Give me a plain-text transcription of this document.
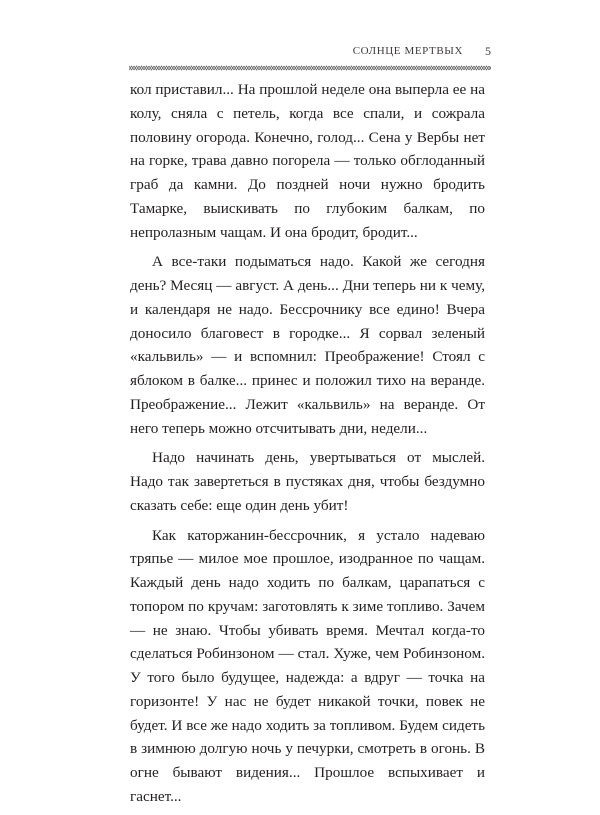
СОЛНЦЕ МЕРТВЫХ 5

кол приставил... На прошлой неделе она выперла ее на колу, сняла с петель, когда все спали, и сожрала половину огорода. Конечно, голод... Сена у Вербы нет на горке, трава давно погорела — только обглоданный граб да камни. До поздней ночи нужно бродить Тамарке, выискивать по глубоким балкам, по непролазным чащам. И она бродит, бродит...

А все-таки подыматься надо. Какой же сегодня день? Месяц — август. А день... Дни теперь ни к чему, и календаря не надо. Бессрочнику все едино! Вчера доносило благовест в городке... Я сорвал зеленый «кальвиль» — и вспомнил: Преображение! Стоял с яблоком в балке... принес и положил тихо на веранде. Преображение... Лежит «кальвиль» на веранде. От него теперь можно отсчитывать дни, недели...

Надо начинать день, увертываться от мыслей. Надо так завертеться в пустяках дня, чтобы бездумно сказать себе: еще один день убит!

Как каторжанин-бессрочник, я устало надеваю тряпье — милое мое прошлое, изодранное по чащам. Каждый день надо ходить по балкам, царапаться с топором по кручам: заготовлять к зиме топливо. Зачем — не знаю. Чтобы убивать время. Мечтал когда-то сделаться Робинзоном — стал. Хуже, чем Робинзоном. У того было будущее, надежда: а вдруг — точка на горизонте! У нас не будет никакой точки, повек не будет. И все же надо ходить за топливом. Будем сидеть в зимнюю долгую ночь у печурки, смотреть в огонь. В огне бывают видения... Прошлое вспыхивает и гаснет...
